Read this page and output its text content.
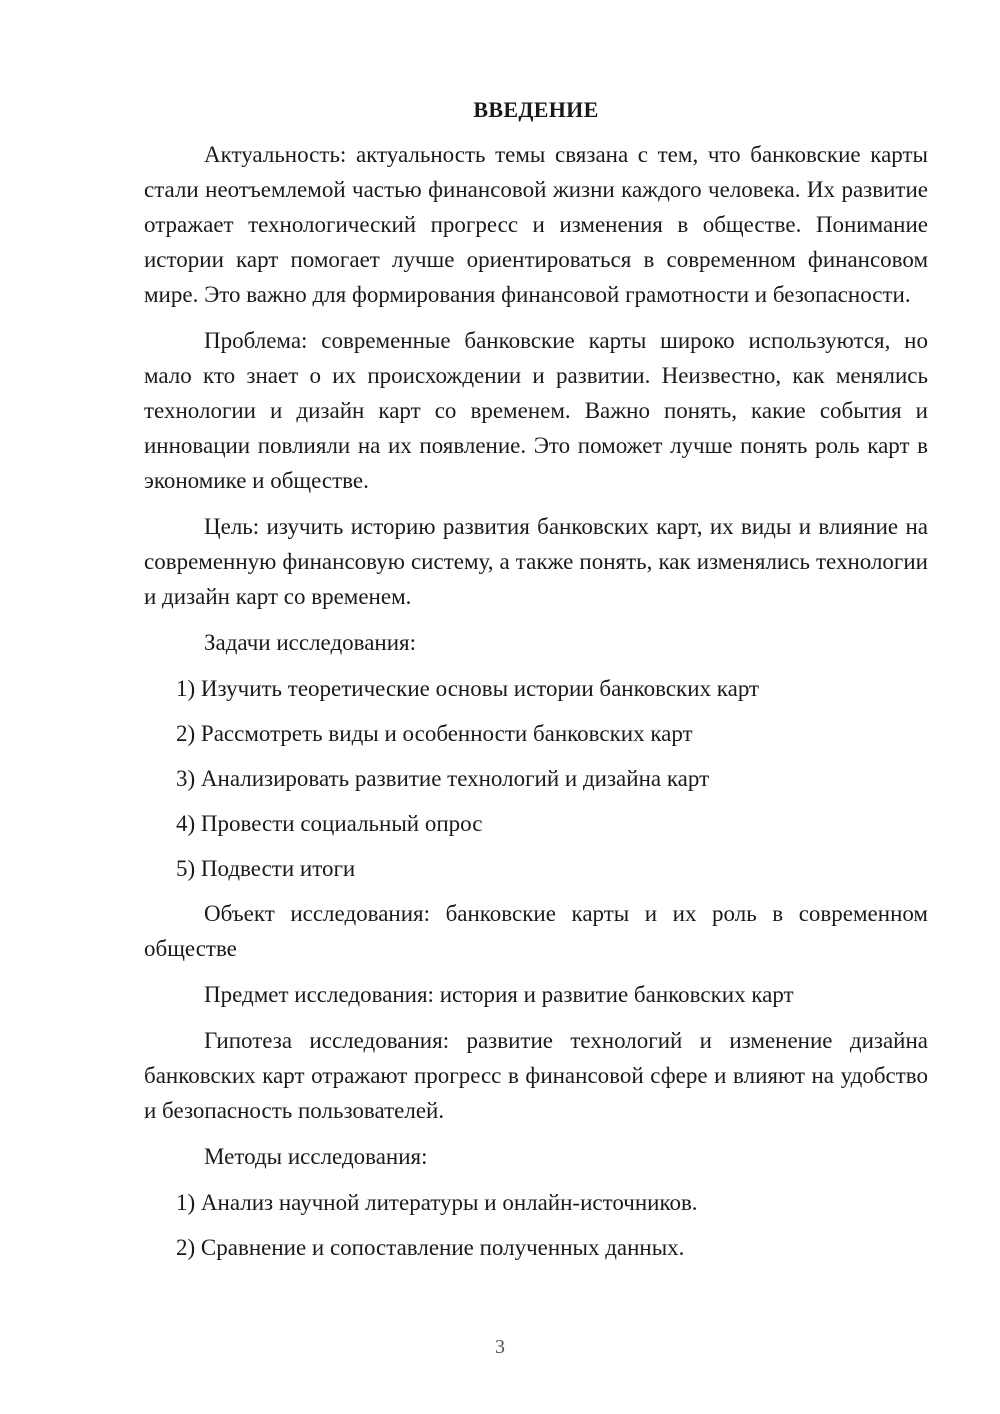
ВВЕДЕНИЕ

Актуальность: актуальность темы связана с тем, что банковские карты стали неотъемлемой частью финансовой жизни каждого человека. Их развитие отражает технологический прогресс и изменения в обществе. Понимание истории карт помогает лучше ориентироваться в современном финансовом мире. Это важно для формирования финансовой грамотности и безопасности.

Проблема: современные банковские карты широко используются, но мало кто знает о их происхождении и развитии. Неизвестно, как менялись технологии и дизайн карт со временем. Важно понять, какие события и инновации повлияли на их появление. Это поможет лучше понять роль карт в экономике и обществе.

Цель: изучить историю развития банковских карт, их виды и влияние на современную финансовую систему, а также понять, как изменялись технологии и дизайн карт со временем.

Задачи исследования:

1) Изучить теоретические основы истории банковских карт
2) Рассмотреть виды и особенности банковских карт
3) Анализировать развитие технологий и дизайна карт
4) Провести социальный опрос
5) Подвести итоги

Объект исследования: банковские карты и их роль в современном обществе

Предмет исследования: история и развитие банковских карт

Гипотеза исследования: развитие технологий и изменение дизайна банковских карт отражают прогресс в финансовой сфере и влияют на удобство и безопасность пользователей.

Методы исследования:

1) Анализ научной литературы и онлайн-источников.
2) Сравнение и сопоставление полученных данных.
3
